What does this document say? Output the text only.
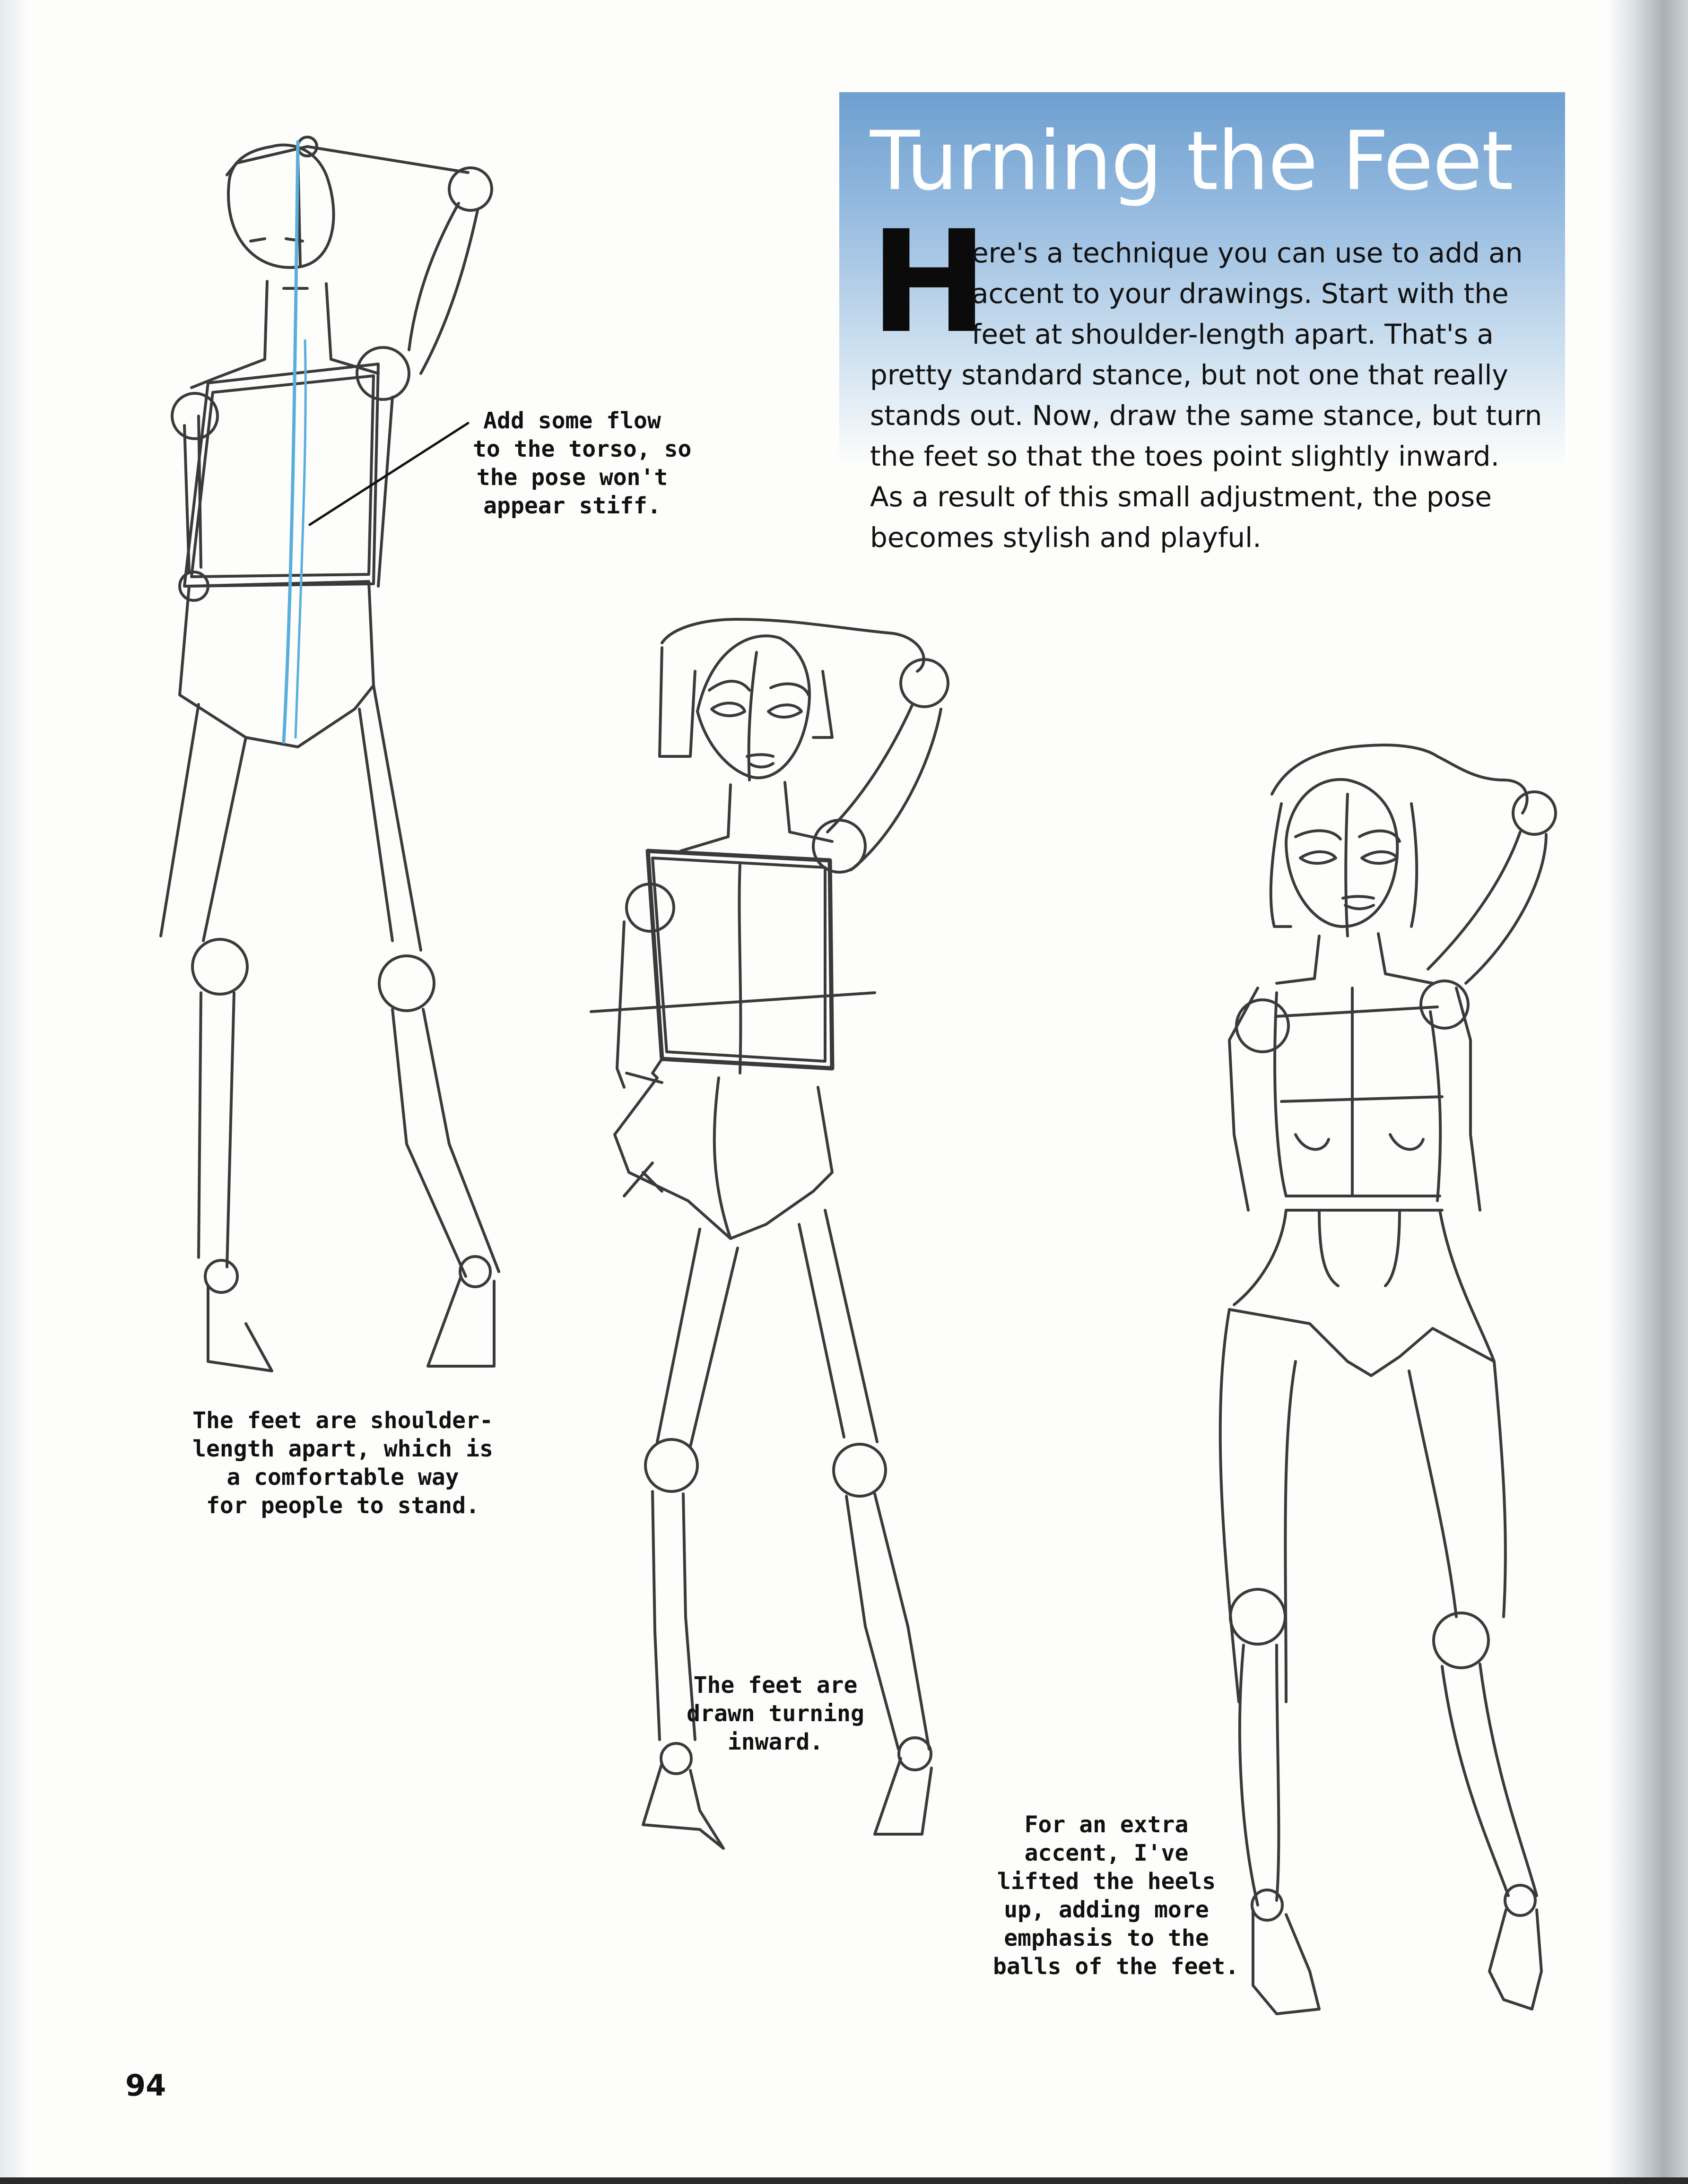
Turning the Feet
H
ere's a technique you can use to add an
accent to your drawings. Start with the
feet at shoulder-length apart. That's a
pretty standard stance, but not one that really
stands out. Now, draw the same stance, but turn
the feet so that the toes point slightly inward.
As a result of this small adjustment, the pose
becomes stylish and playful.
Add some flow
to the torso, so
the pose won't
appear stiff.
The feet are shoulder-
length apart, which is
a comfortable way
for people to stand.
The feet are
drawn turning
inward.
For an extra
accent, I've
lifted the heels
up, adding more
emphasis to the
balls of the feet.
94
